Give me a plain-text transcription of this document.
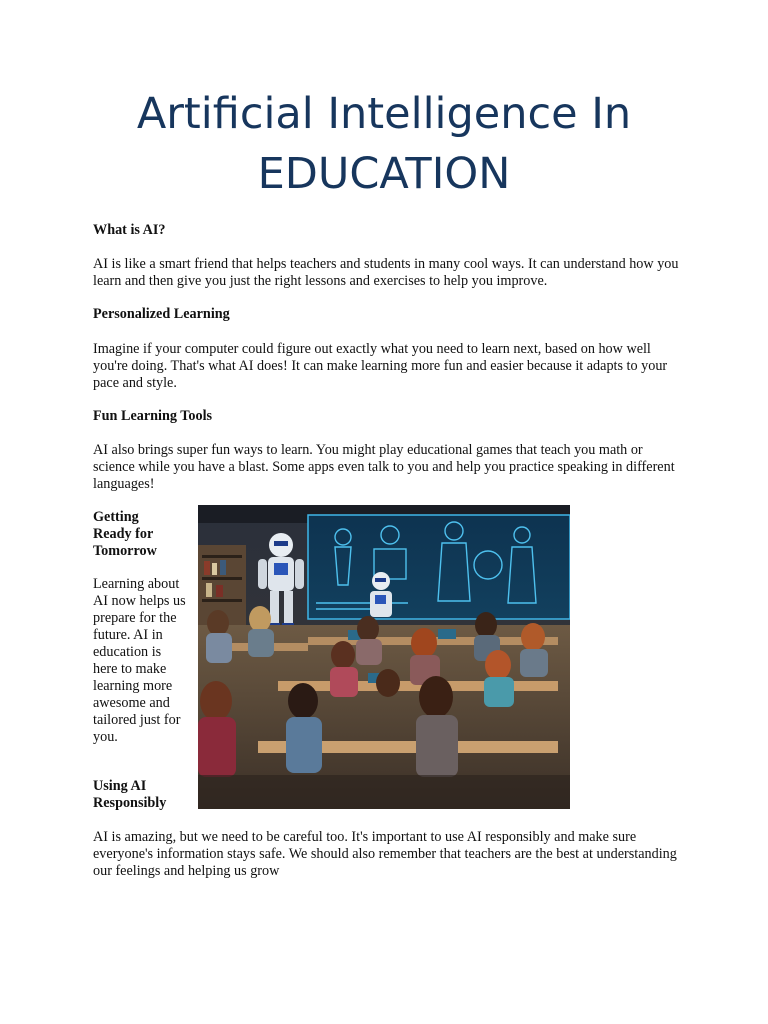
Artificial Intelligence In
EDUCATION
What is AI?
AI is like a smart friend that helps teachers and students in many cool ways. It can understand how you learn and then give you just the right lessons and exercises to help you improve.
Personalized Learning
Imagine if your computer could figure out exactly what you need to learn next, based on how well you're doing. That's what AI does! It can make learning more fun and easier because it adapts to your pace and style.
Fun Learning Tools
AI also brings super fun ways to learn. You might play educational games that teach you math or science while you have a blast. Some apps even talk to you and help you practice speaking in different languages!
Getting Ready for Tomorrow
Learning about AI now helps us prepare for the future. AI in education is here to make learning more awesome and tailored just for you.
Using AI Responsibly
AI is amazing, but we need to be careful too. It's important to use AI responsibly and make sure everyone's information stays safe. We should also remember that teachers are the best at understanding our feelings and helping us grow
